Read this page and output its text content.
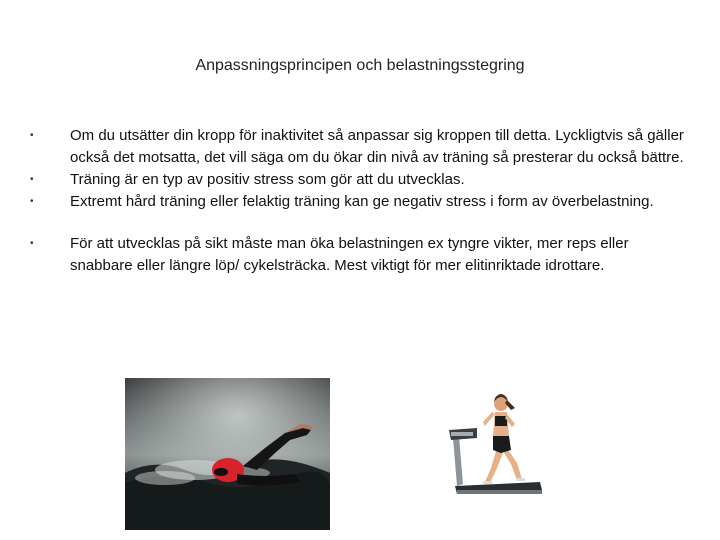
Anpassningsprincipen och belastningsstegring
• Om du utsätter din kropp för inaktivitet så anpassar sig kroppen till detta. Lyckligtvis så gäller också det motsatta, det vill säga om du ökar din nivå av träning så presterar du också bättre.
• Träning är en typ av positiv stress som gör att du utvecklas.
• Extremt hård träning eller felaktig träning kan ge negativ stress i form av överbelastning.
• För att utvecklas på sikt måste man öka belastningen ex tyngre vikter, mer reps eller snabbare eller längre löp/ cykelsträcka. Mest viktigt för mer elitinriktade idrottare.
